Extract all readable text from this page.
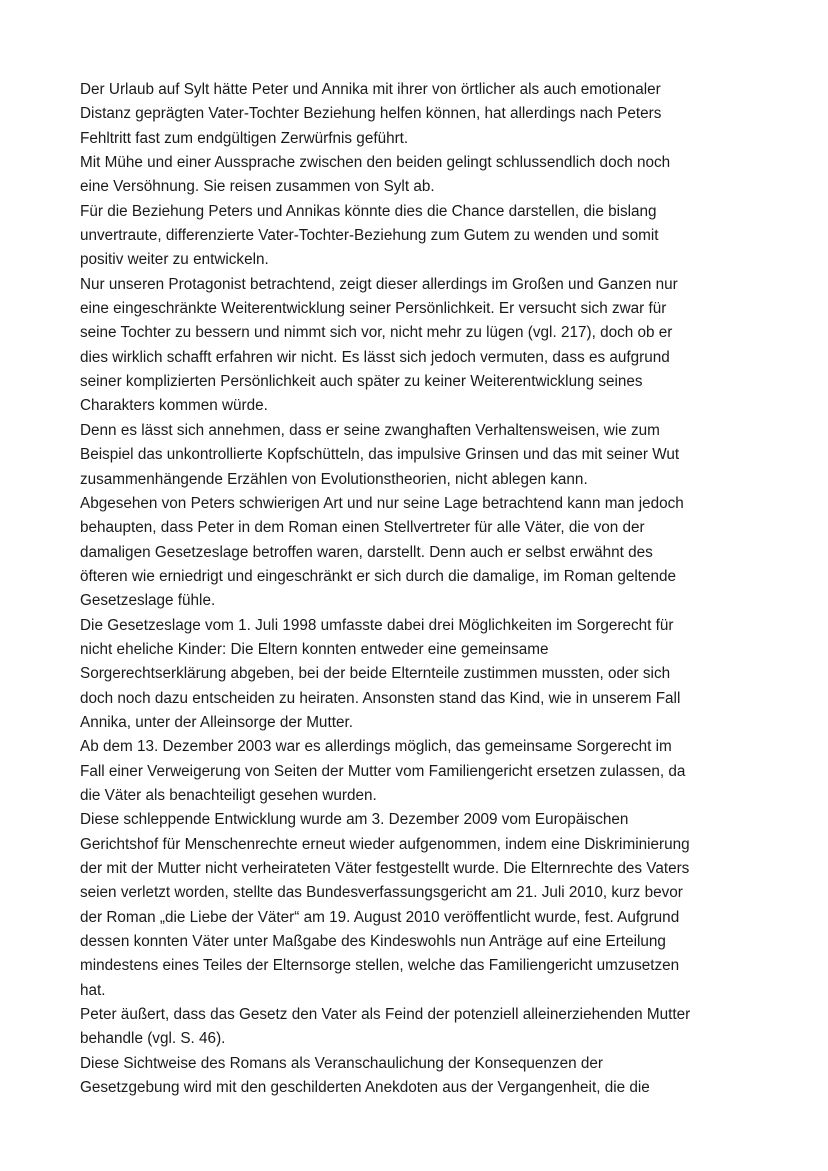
Der Urlaub auf Sylt hätte Peter und Annika mit ihrer von örtlicher als auch emotionaler
Distanz geprägten Vater-Tochter Beziehung helfen können, hat allerdings nach Peters
Fehltritt fast zum endgültigen Zerwürfnis geführt.
Mit Mühe und einer Aussprache zwischen den beiden gelingt schlussendlich doch noch
eine Versöhnung. Sie reisen zusammen von Sylt ab.
Für die Beziehung Peters und Annikas könnte dies die Chance darstellen, die bislang
unvertraute, differenzierte Vater-Tochter-Beziehung zum Gutem zu wenden und somit
positiv weiter zu entwickeln.
Nur unseren Protagonist betrachtend, zeigt dieser allerdings im Großen und Ganzen nur
eine eingeschränkte Weiterentwicklung seiner Persönlichkeit. Er versucht sich zwar für
seine Tochter zu bessern und nimmt sich vor, nicht mehr zu lügen (vgl. 217), doch ob er
dies wirklich schafft erfahren wir nicht. Es lässt sich jedoch vermuten, dass es aufgrund
seiner komplizierten Persönlichkeit auch später zu keiner Weiterentwicklung seines
Charakters kommen würde.
Denn es lässt sich annehmen, dass er seine zwanghaften Verhaltensweisen, wie zum
Beispiel das unkontrollierte Kopfschütteln, das impulsive Grinsen und das mit seiner Wut
zusammenhängende Erzählen von Evolutionstheorien, nicht ablegen kann.
Abgesehen von Peters schwierigen Art und nur seine Lage betrachtend kann man jedoch
behaupten, dass Peter in dem Roman einen Stellvertreter für alle Väter, die von der
damaligen Gesetzeslage betroffen waren, darstellt. Denn auch er selbst erwähnt des
öfteren wie erniedrigt und eingeschränkt er sich durch die damalige, im Roman geltende
Gesetzeslage fühle.
Die Gesetzeslage vom 1. Juli 1998 umfasste dabei drei Möglichkeiten im Sorgerecht für
nicht eheliche Kinder: Die Eltern konnten entweder eine gemeinsame
Sorgerechtserklärung abgeben, bei der beide Elternteile zustimmen mussten, oder sich
doch noch dazu entscheiden zu heiraten. Ansonsten stand das Kind, wie in unserem Fall
Annika, unter der Alleinsorge der Mutter.
Ab dem 13. Dezember 2003 war es allerdings möglich, das gemeinsame Sorgerecht im
Fall einer Verweigerung von Seiten der Mutter vom Familiengericht ersetzen zulassen, da
die Väter als benachteiligt gesehen wurden.
Diese schleppende Entwicklung wurde am 3. Dezember 2009 vom Europäischen
Gerichtshof für Menschenrechte erneut wieder aufgenommen, indem eine Diskriminierung
der mit der Mutter nicht verheirateten Väter festgestellt wurde. Die Elternrechte des Vaters
seien verletzt worden, stellte das Bundesverfassungsgericht am 21. Juli 2010, kurz bevor
der Roman „die Liebe der Väter“ am 19. August 2010 veröffentlicht wurde, fest. Aufgrund
dessen konnten Väter unter Maßgabe des Kindeswohls nun Anträge auf eine Erteilung
mindestens eines Teiles der Elternsorge stellen, welche das Familiengericht umzusetzen
hat.
Peter äußert, dass das Gesetz den Vater als Feind der potenziell alleinerziehenden Mutter
behandle (vgl. S. 46).
Diese Sichtweise des Romans als Veranschaulichung der Konsequenzen der
Gesetzgebung wird mit den geschilderten Anekdoten aus der Vergangenheit, die die
